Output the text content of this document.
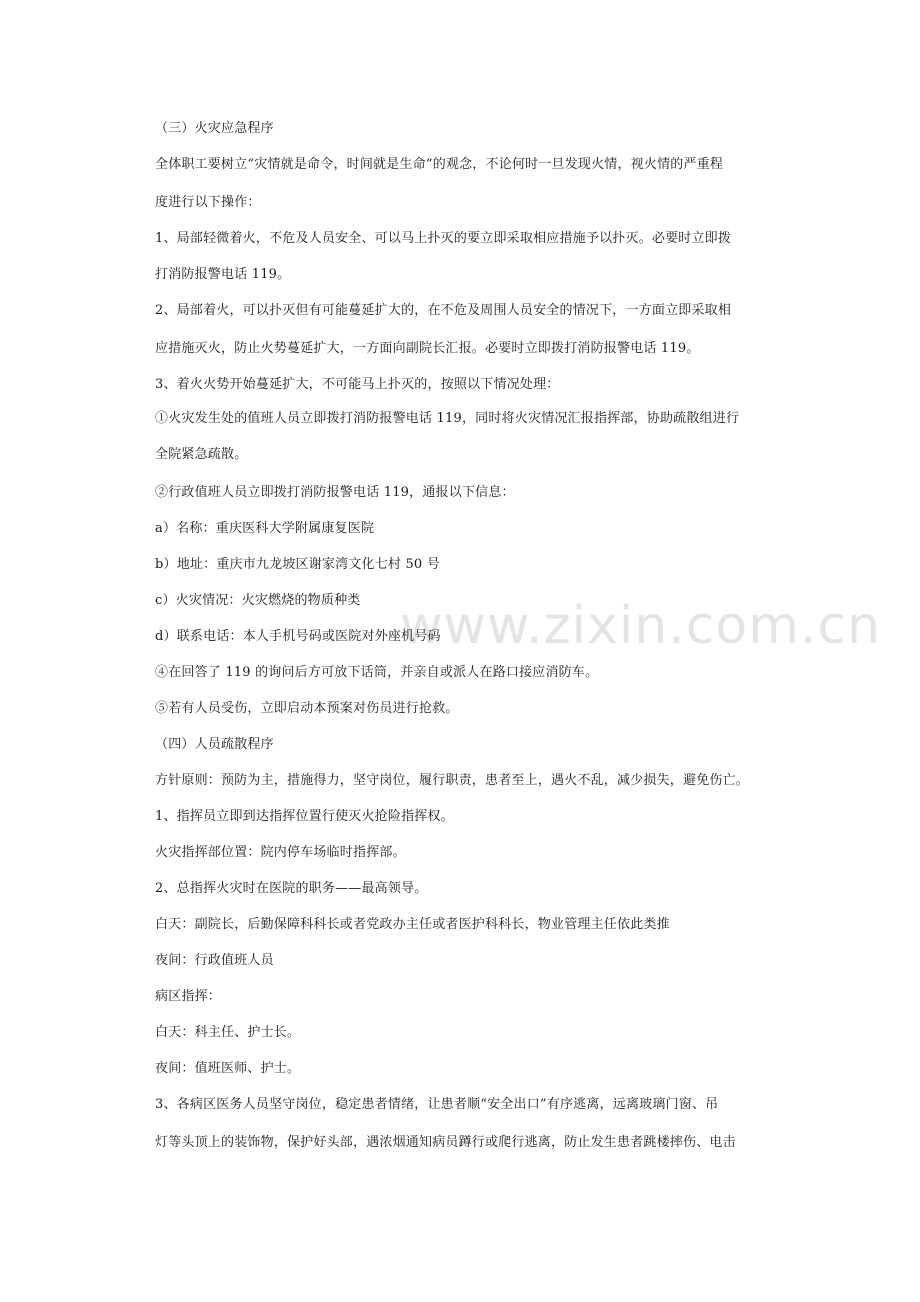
www.zixin.com.cn
（三）火灾应急程序
全体职工要树立“灾情就是命令，时间就是生命”的观念，不论何时一旦发现火情，视火情的严重程
度进行以下操作：
1、局部轻微着火，不危及人员安全、可以马上扑灭的要立即采取相应措施予以扑灭。必要时立即拨
打消防报警电话 119。
2、局部着火，可以扑灭但有可能蔓延扩大的，在不危及周围人员安全的情况下，一方面立即采取相
应措施灭火，防止火势蔓延扩大，一方面向副院长汇报。必要时立即拨打消防报警电话 119。
3、着火火势开始蔓延扩大，不可能马上扑灭的，按照以下情况处理：
①火灾发生处的值班人员立即拨打消防报警电话 119，同时将火灾情况汇报指挥部，协助疏散组进行
全院紧急疏散。
②行政值班人员立即拨打消防报警电话 119，通报以下信息：
a）名称：重庆医科大学附属康复医院
b）地址：重庆市九龙坡区谢家湾文化七村 50 号
c）火灾情况：火灾燃烧的物质种类
d）联系电话：本人手机号码或医院对外座机号码
④在回答了 119 的询问后方可放下话筒，并亲自或派人在路口接应消防车。
⑤若有人员受伤，立即启动本预案对伤员进行抢救。
（四）人员疏散程序
方针原则：预防为主，措施得力，坚守岗位，履行职责，患者至上，遇火不乱，减少损失，避免伤亡。
1、指挥员立即到达指挥位置行使灭火抢险指挥权。
火灾指挥部位置：院内停车场临时指挥部。
2、总指挥火灾时在医院的职务——最高领导。
白天：副院长，后勤保障科科长或者党政办主任或者医护科科长，物业管理主任依此类推
夜间：行政值班人员
病区指挥：
白天：科主任、护士长。
夜间：值班医师、护士。
3、各病区医务人员坚守岗位，稳定患者情绪，让患者顺“安全出口”有序逃离，远离玻璃门窗、吊
灯等头顶上的装饰物，保护好头部，遇浓烟通知病员蹲行或爬行逃离，防止发生患者跳楼摔伤、电击
